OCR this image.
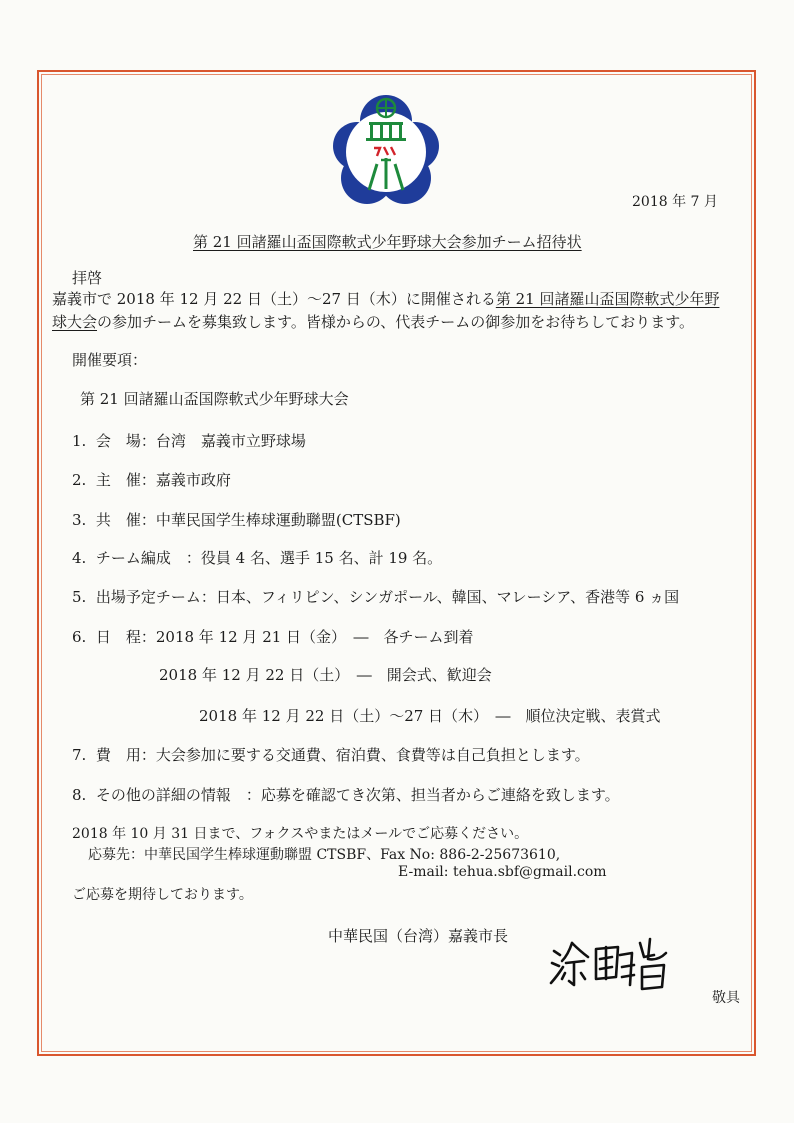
2018 年 7 月
第 21 回諸羅山盃国際軟式少年野球大会参加チーム招待状
拝啓
嘉義市で 2018 年 12 月 22 日（土）～27 日（木）に開催される第 21 回諸羅山盃国際軟式少年野
球大会の参加チームを募集致します。皆様からの、代表チームの御参加をお待ちしております。
開催要項：
第 21 回諸羅山盃国際軟式少年野球大会
1. 会　場：台湾　嘉義市立野球場
2. 主　催：嘉義市政府
3. 共　催：中華民国学生棒球運動聯盟(CTSBF)
4. チーム編成　：役員 4 名、選手 15 名、計 19 名。
5. 出場予定チーム：日本、フィリピン、シンガポール、韓国、マレーシア、香港等 6 ヵ国
6. 日　程：2018 年 12 月 21 日（金）　―　各チーム到着
2018 年 12 月 22 日（土）　―　開会式、歓迎会
2018 年 12 月 22 日（土）～27 日（木）　―　順位決定戦、表賞式
7. 費　用：大会参加に要する交通費、宿泊費、食費等は自己負担とします。
8. その他の詳細の情報　：応募を確認てき次第、担当者からご連絡を致します。
2018 年 10 月 31 日まで、フォクスやまたはメールでご応募ください。
応募先：中華民国学生棒球運動聯盟 CTSBF、Fax No: 886-2-25673610,
E-mail: tehua.sbf@gmail.com
ご応募を期待しております。
中華民国（台湾）嘉義市長
敬具
